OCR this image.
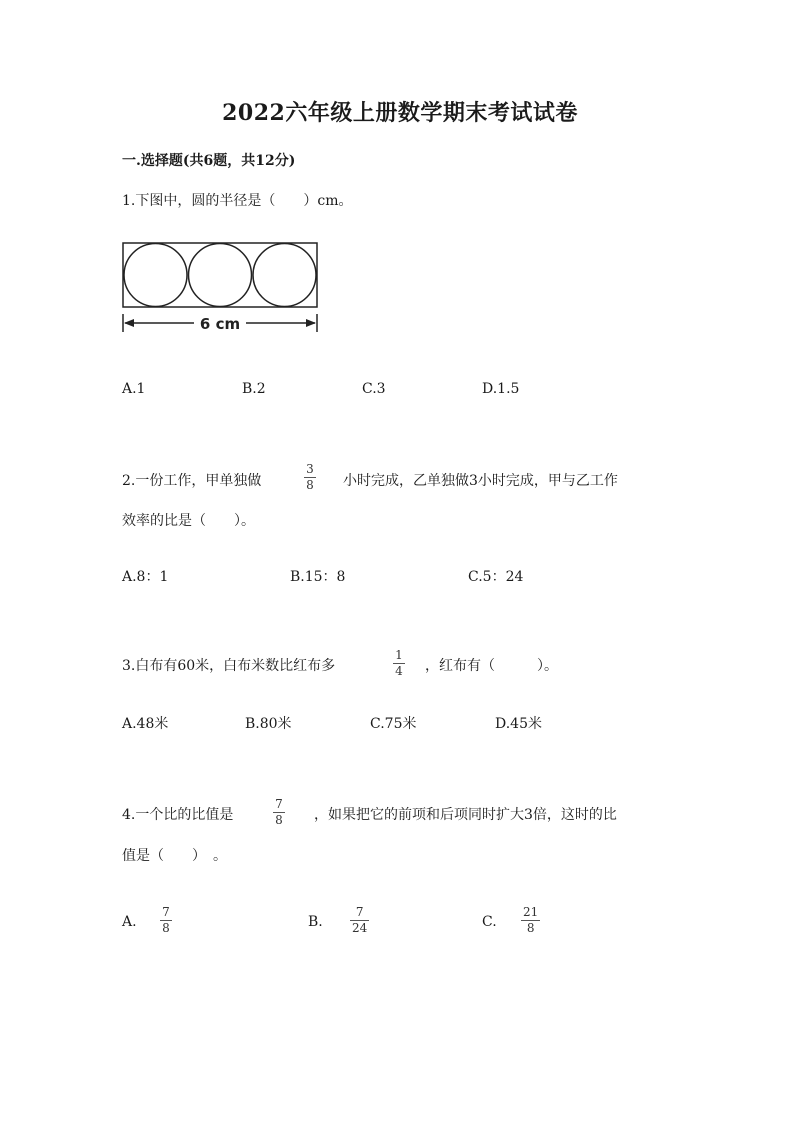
2022六年级上册数学期末考试试卷
一.选择题(共6题，共12分)
1.下图中，圆的半径是（　　）cm。
6 cm
A.1	B.2	C.3	D.1.5
2.一份工作，甲单独做
3
8 小时完成，乙单独做3小时完成，甲与乙工作
效率的比是（　　）。
A.8：1	B.15：8	C.5：24
3.白布有60米，白布米数比红布多
1
4 ，红布有（　　　）。
A.48米	B.80米	C.75米	D.45米
4.一个比的比值是
7
8 ，如果把它的前项和后项同时扩大3倍，这时的比
值是（　　）　。
A.
7
8	B.
7
24	C.
21
8
